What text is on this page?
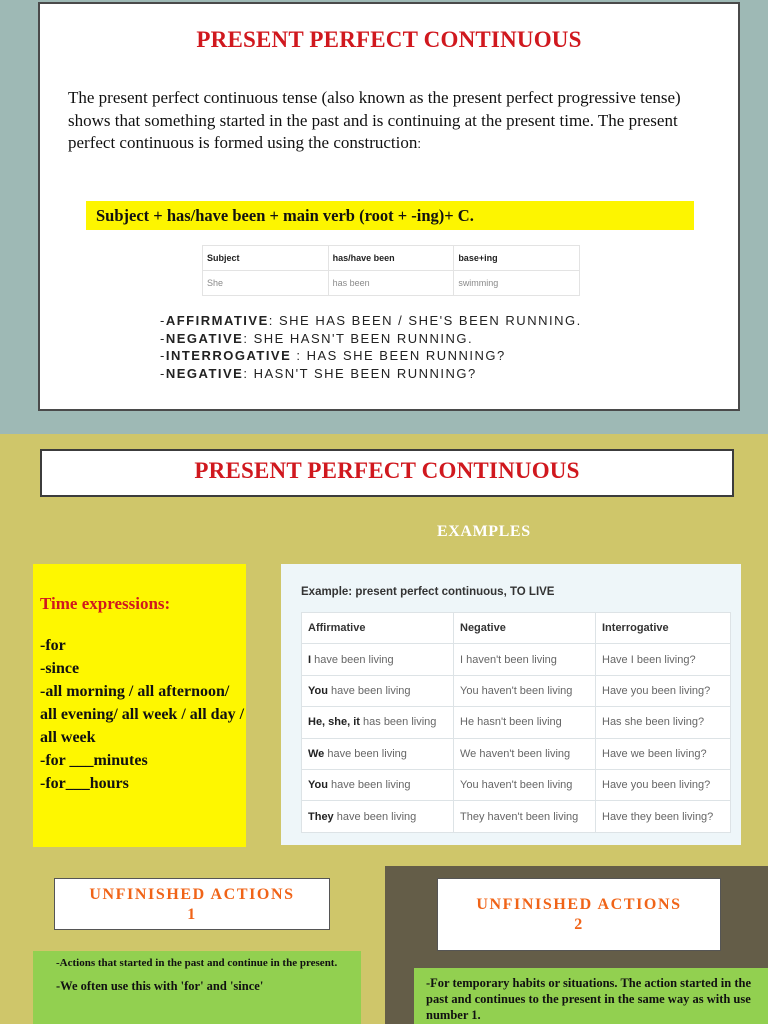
PRESENT PERFECT CONTINUOUS

The present perfect continuous tense (also known as the present perfect progressive tense) shows that something started in the past and is continuing at the present time. The present perfect continuous is formed using the construction:

Subject + has/have been + main verb (root + -ing)+ C.
Subject	has/have been	base+ing
She	has been	swimming
-AFFIRMATIVE: SHE HAS BEEN / SHE'S BEEN RUNNING.
-NEGATIVE: SHE HASN'T BEEN RUNNING.
-INTERROGATIVE : HAS SHE BEEN RUNNING?
-NEGATIVE: HASN'T SHE BEEN RUNNING?
PRESENT PERFECT CONTINUOUS
EXAMPLES
Time expressions:
-for
-since
-all morning / all afternoon/ all evening/ all week / all day / all week
-for ___minutes
-for___hours
Example: present perfect continuous, TO LIVE
Affirmative	Negative	Interrogative
I have been living	I haven't been living	Have I been living?
You have been living	You haven't been living	Have you been living?
He, she, it has been living	He hasn't been living	Has she been living?
We have been living	We haven't been living	Have we been living?
You have been living	You haven't been living	Have you been living?
They have been living	They haven't been living	Have they been living?
UNFINISHED ACTIONS
1
UNFINISHED ACTIONS
2
-Actions that started in the past and continue in the present.
-We often use this with 'for' and 'since'	-For temporary habits or situations. The action started in the past and continues to the present in the same way as with use number 1.
